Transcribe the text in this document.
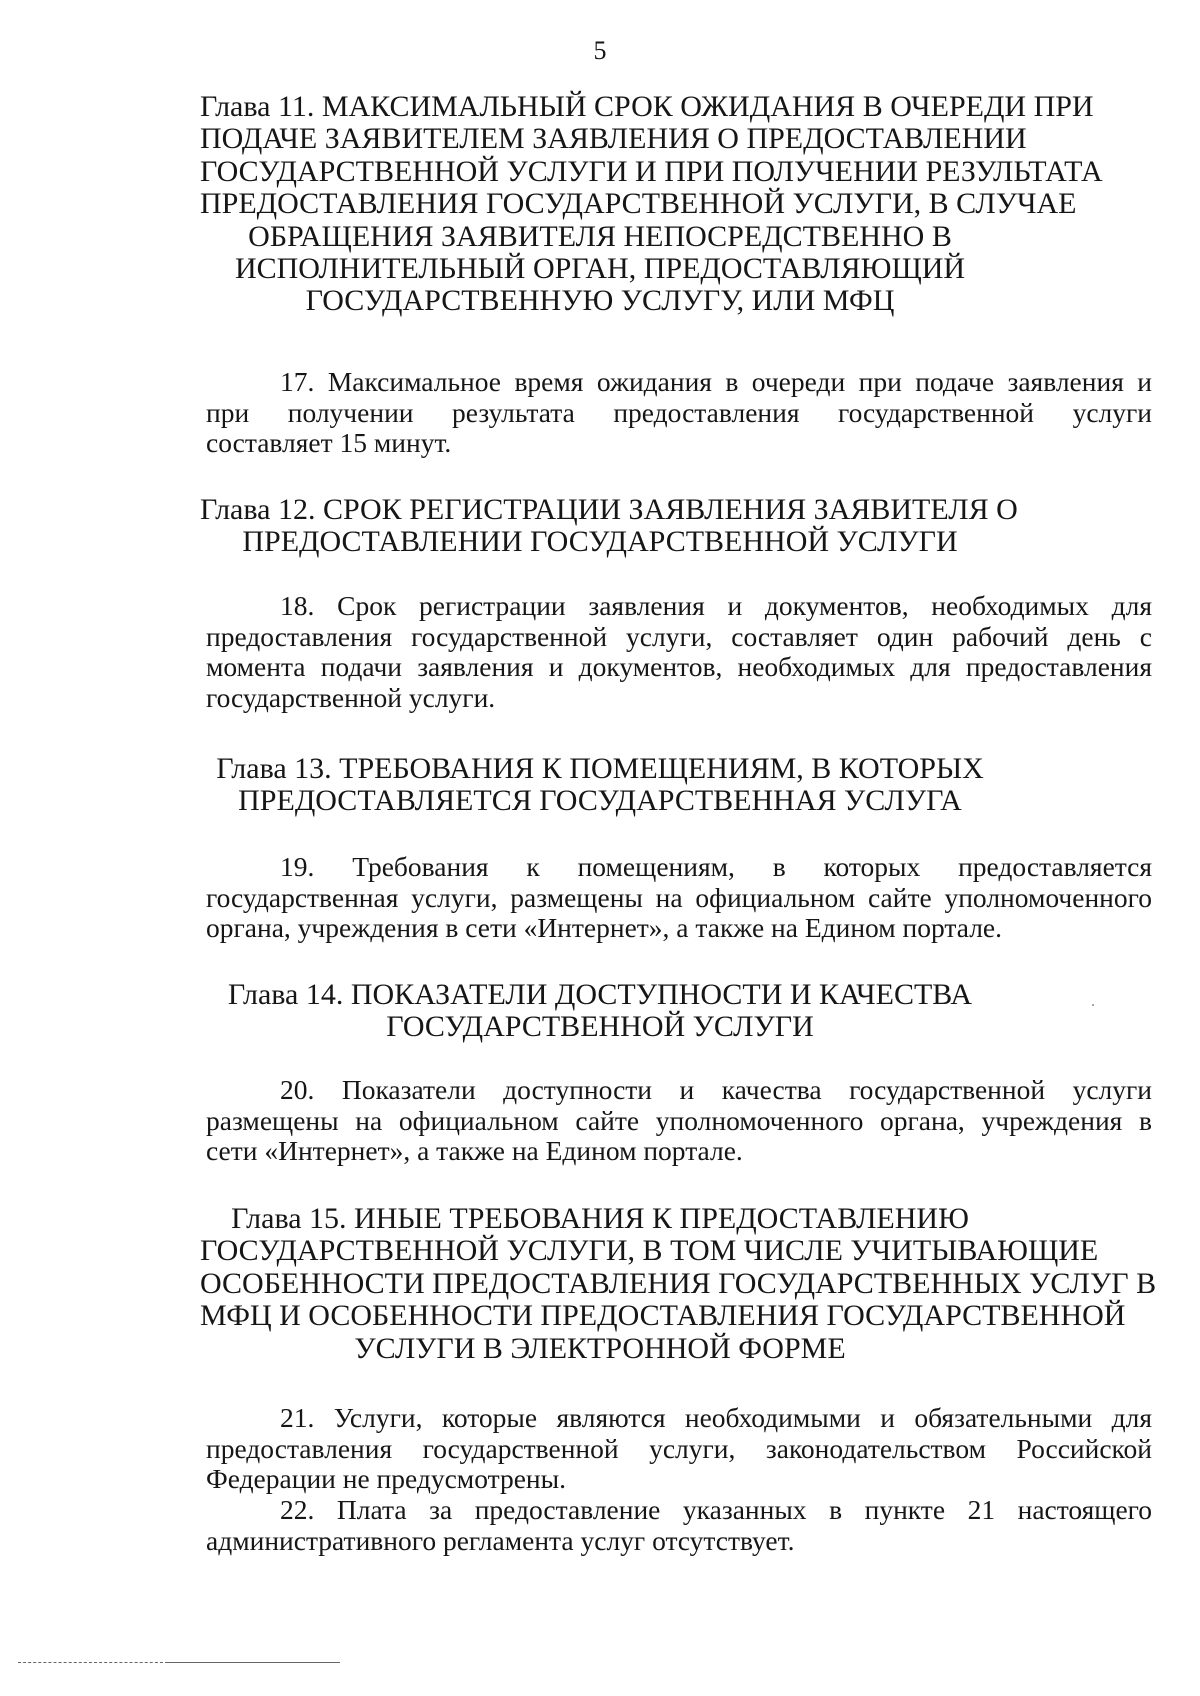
5
Глава 11. МАКСИМАЛЬНЫЙ СРОК ОЖИДАНИЯ В ОЧЕРЕДИ ПРИ
ПОДАЧЕ ЗАЯВИТЕЛЕМ ЗАЯВЛЕНИЯ О ПРЕДОСТАВЛЕНИИ
ГОСУДАРСТВЕННОЙ УСЛУГИ И ПРИ ПОЛУЧЕНИИ РЕЗУЛЬТАТА
ПРЕДОСТАВЛЕНИЯ ГОСУДАРСТВЕННОЙ УСЛУГИ, В СЛУЧАЕ
ОБРАЩЕНИЯ ЗАЯВИТЕЛЯ НЕПОСРЕДСТВЕННО В
ИСПОЛНИТЕЛЬНЫЙ ОРГАН, ПРЕДОСТАВЛЯЮЩИЙ
ГОСУДАРСТВЕННУЮ УСЛУГУ, ИЛИ МФЦ
17. Максимальное время ожидания в очереди при подаче заявления и
при получении результата предоставления государственной услуги
составляет 15 минут.
Глава 12. СРОК РЕГИСТРАЦИИ ЗАЯВЛЕНИЯ ЗАЯВИТЕЛЯ О
ПРЕДОСТАВЛЕНИИ ГОСУДАРСТВЕННОЙ УСЛУГИ
18. Срок регистрации заявления и документов, необходимых для
предоставления государственной услуги, составляет один рабочий день с
момента подачи заявления и документов, необходимых для предоставления
государственной услуги.
Глава 13. ТРЕБОВАНИЯ К ПОМЕЩЕНИЯМ, В КОТОРЫХ
ПРЕДОСТАВЛЯЕТСЯ ГОСУДАРСТВЕННАЯ УСЛУГА
19. Требования к помещениям, в которых предоставляется
государственная услуги, размещены на официальном сайте уполномоченного
органа, учреждения в сети «Интернет», а также на Едином портале.
Глава 14. ПОКАЗАТЕЛИ ДОСТУПНОСТИ И КАЧЕСТВА
ГОСУДАРСТВЕННОЙ УСЛУГИ
20. Показатели доступности и качества государственной услуги
размещены на официальном сайте уполномоченного органа, учреждения в
сети «Интернет», а также на Едином портале.
Глава 15. ИНЫЕ ТРЕБОВАНИЯ К ПРЕДОСТАВЛЕНИЮ
ГОСУДАРСТВЕННОЙ УСЛУГИ, В ТОМ ЧИСЛЕ УЧИТЫВАЮЩИЕ
ОСОБЕННОСТИ ПРЕДОСТАВЛЕНИЯ ГОСУДАРСТВЕННЫХ УСЛУГ В
МФЦ И ОСОБЕННОСТИ ПРЕДОСТАВЛЕНИЯ ГОСУДАРСТВЕННОЙ
УСЛУГИ В ЭЛЕКТРОННОЙ ФОРМЕ
21. Услуги, которые являются необходимыми и обязательными для
предоставления государственной услуги, законодательством Российской
Федерации не предусмотрены.
22. Плата за предоставление указанных в пункте 21 настоящего
административного регламента услуг отсутствует.
